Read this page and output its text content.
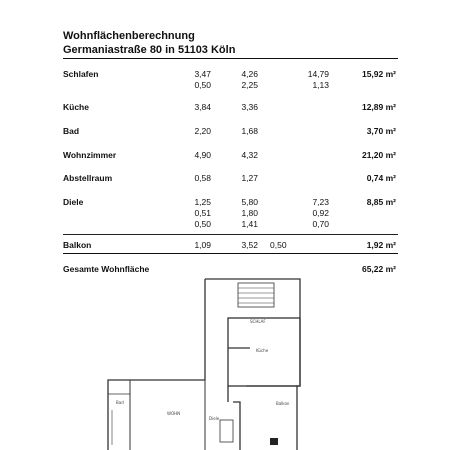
Wohnflächenberechnung
Germaniastraße 80 in 51103 Köln
Schlafen	3,47	4,26	14,79	15,92 m²
0,50	2,25	1,13
Küche	3,84	3,36	12,89 m²
Bad	2,20	1,68	3,70 m²
Wohnzimmer	4,90	4,32	21,20 m²
Abstellraum	0,58	1,27	0,74 m²
Diele	1,25	5,80	7,23	8,85 m²
0,51	1,80	0,92
0,50	1,41	0,70
Balkon	1,09	3,52 0,50	1,92 m²
Gesamte Wohnfläche	65,22 m²
SCHLAF
Küche
WOHN
Balkon
Diele
Bad
